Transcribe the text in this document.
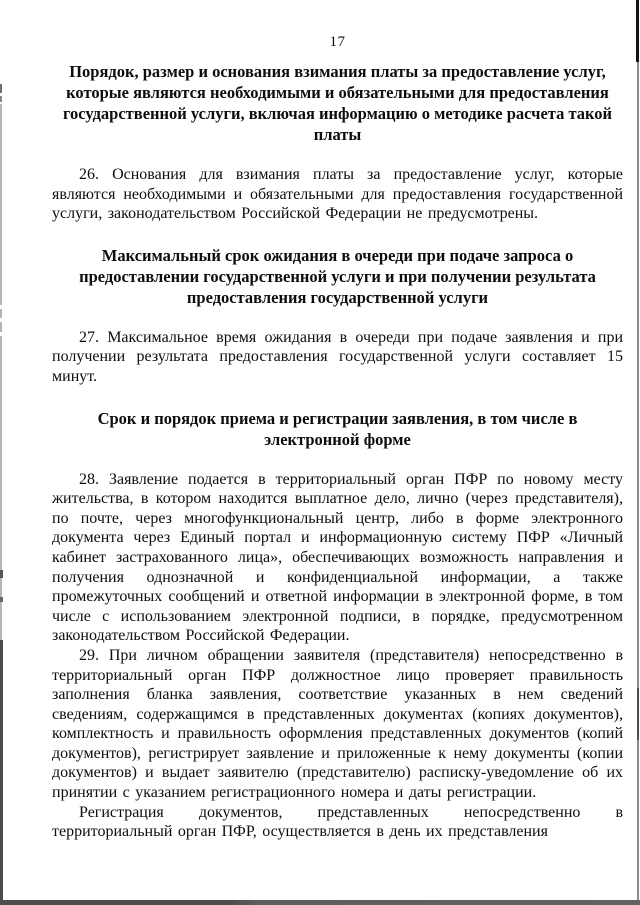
17
Порядок, размер и основания взимания платы за предоставление услуг, которые являются необходимыми и обязательными для предоставления государственной услуги, включая информацию о методике расчета такой платы

26. Основания для взимания платы за предоставление услуг, которые являются необходимыми и обязательными для предоставления государственной услуги, законодательством Российской Федерации не предусмотрены.

Максимальный срок ожидания в очереди при подаче запроса о предоставлении государственной услуги и при получении результата предоставления государственной услуги

27. Максимальное время ожидания в очереди при подаче заявления и при получении результата предоставления государственной услуги составляет 15 минут.

Срок и порядок приема и регистрации заявления, в том числе в электронной форме

28. Заявление подается в территориальный орган ПФР по новому месту жительства, в котором находится выплатное дело, лично (через представителя), по почте, через многофункциональный центр, либо в форме электронного документа через Единый портал и информационную систему ПФР «Личный кабинет застрахованного лица», обеспечивающих возможность направления и получения однозначной и конфиденциальной информации, а также промежуточных сообщений и ответной информации в электронной форме, в том числе с использованием электронной подписи, в порядке, предусмотренном законодательством Российской Федерации.

29. При личном обращении заявителя (представителя) непосредственно в территориальный орган ПФР должностное лицо проверяет правильность заполнения бланка заявления, соответствие указанных в нем сведений сведениям, содержащимся в представленных документах (копиях документов), комплектность и правильность оформления представленных документов (копий документов), регистрирует заявление и приложенные к нему документы (копии документов) и выдает заявителю (представителю) расписку-уведомление об их принятии с указанием регистрационного номера и даты регистрации.

Регистрация документов, представленных непосредственно в территориальный орган ПФР, осуществляется в день их представления
